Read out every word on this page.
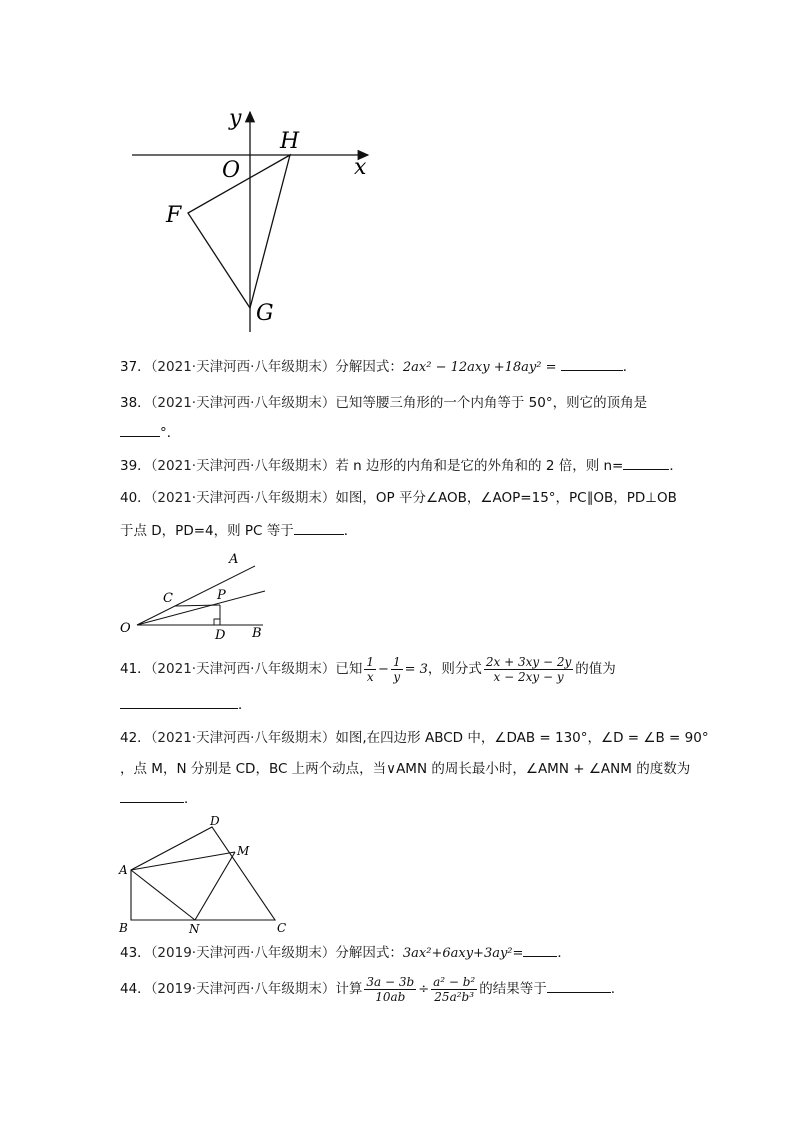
y
x
O
H
F
G
37．（2021·天津河西·八年级期末）分解因式：2ax² − 12axy +18ay² =	．
38．（2021·天津河西·八年级期末）已知等腰三角形的一个内角等于 50°，则它的顶角是
°．
39．（2021·天津河西·八年级期末）若 n 边形的内角和是它的外角和的 2 倍，则 n=	．
40．（2021·天津河西·八年级期末）如图，OP 平分∠AOB，∠AOP=15°，PC∥OB，PD⊥OB
于点 D，PD=4，则 PC 等于	．
A
C	P
O	D B
41．（2021·天津河西·八年级期末）已知 $\frac{1}{x} - \frac{1}{y} = 3$，则分式 $\frac{2x + 3xy - 2y}{x - 2xy - y}$ 的值为
．
42．（2021·天津河西·八年级期末）如图,在四边形 ABCD 中，∠DAB = 130°，∠D = ∠B = 90°
，点 M，N 分别是 CD，BC 上两个动点，当∨AMN 的周长最小时，∠AMN + ∠ANM 的度数为
．
A
B	C
D
M
N
43．（2019·天津河西·八年级期末）分解因式：3ax²+6axy+3ay²=	．
44．（2019·天津河西·八年级期末）计算 $\frac{3a - 3b}{10ab} \div \frac{\text{a² − b²}}{\text{25a²b³}}$ 的结果等于	.
